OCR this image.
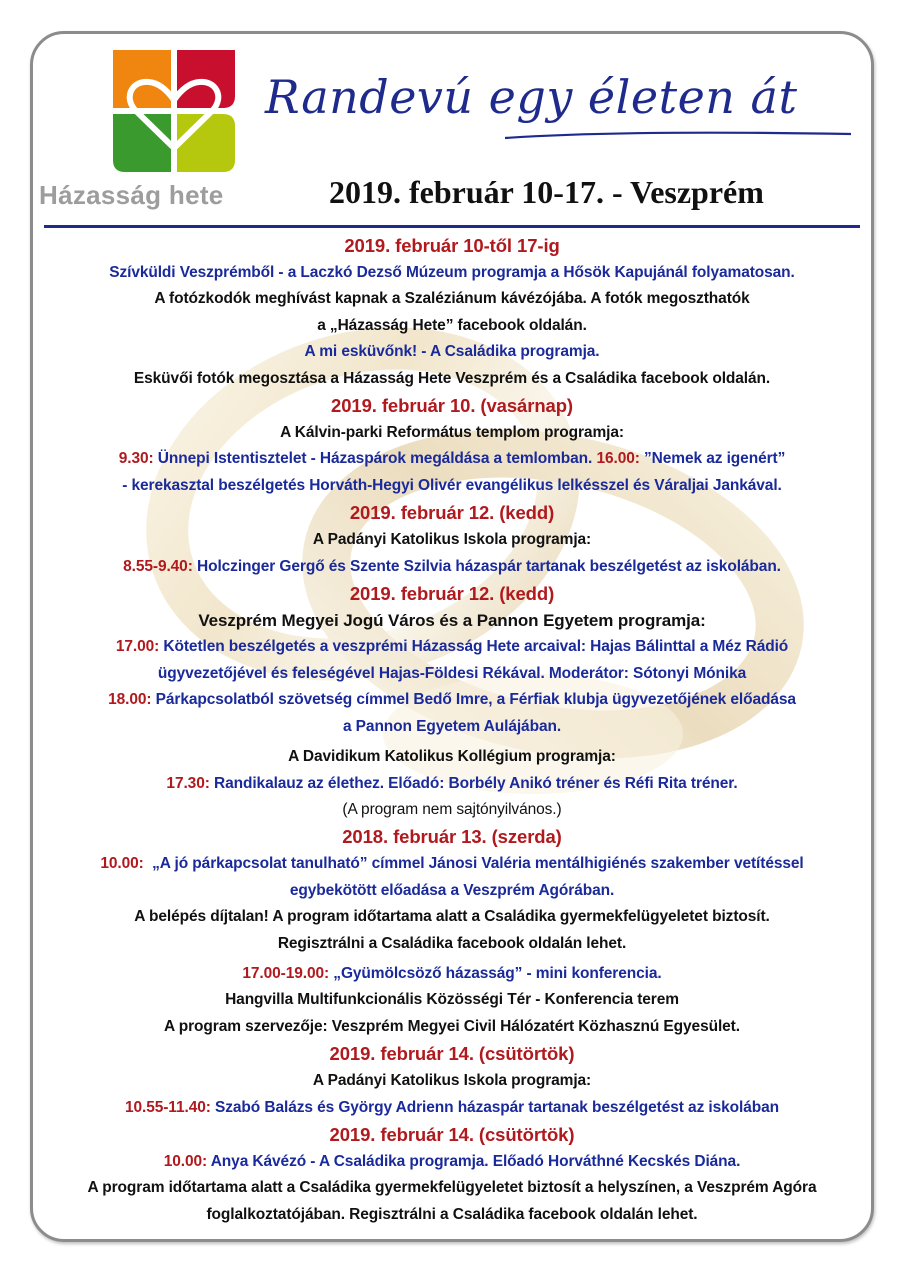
Házasság hete
Randevú egy életen át
2019. február 10-17. - Veszprém
2019. február 10-től 17-ig
Szívküldi Veszprémből - a Laczkó Dezső Múzeum programja a Hősök Kapujánál folyamatosan.
A fotózkodók meghívást kapnak a Szaléziánum kávézójába. A fotók megoszthatók
a „Házasság Hete” facebook oldalán.
A mi esküvőnk! - A Családika programja.
Esküvői fotók megosztása a Házasság Hete Veszprém és a Családika facebook oldalán.
2019. február 10. (vasárnap)
A Kálvin-parki Református templom programja:
9.30: Ünnepi Istentisztelet - Házaspárok megáldása a temlomban. 16.00: ”Nemek az igenért”
- kerekasztal beszélgetés Horváth-Hegyi Olivér evangélikus lelkésszel és Váraljai Jankával.
2019. február 12. (kedd)
A Padányi Katolikus Iskola programja:
8.55-9.40: Holczinger Gergő és Szente Szilvia házaspár tartanak beszélgetést az iskolában.
2019. február 12. (kedd)
Veszprém Megyei Jogú Város és a Pannon Egyetem programja:
17.00: Kötetlen beszélgetés a veszprémi Házasság Hete arcaival: Hajas Bálinttal a Méz Rádió
ügyvezetőjével és feleségével Hajas-Földesi Rékával. Moderátor: Sótonyi Mónika
18.00: Párkapcsolatból szövetség címmel Bedő Imre, a Férfiak klubja ügyvezetőjének előadása
a Pannon Egyetem Aulájában.
A Davidikum Katolikus Kollégium programja:
17.30: Randikalauz az élethez. Előadó: Borbély Anikó tréner és Réfi Rita tréner.
(A program nem sajtónyilvános.)
2018. február 13. (szerda)
10.00:  „A jó párkapcsolat tanulható” címmel Jánosi Valéria mentálhigiénés szakember vetítéssel
egybekötött előadása a Veszprém Agórában.
A belépés díjtalan! A program időtartama alatt a Családika gyermekfelügyeletet biztosít.
Regisztrálni a Családika facebook oldalán lehet.
17.00-19.00: „Gyümölcsöző házasság” - mini konferencia.
Hangvilla Multifunkcionális Közösségi Tér - Konferencia terem
A program szervezője: Veszprém Megyei Civil Hálózatért Közhasznú Egyesület.
2019. február 14. (csütörtök)
A Padányi Katolikus Iskola programja:
10.55-11.40: Szabó Balázs és György Adrienn házaspár tartanak beszélgetést az iskolában
2019. február 14. (csütörtök)
10.00: Anya Kávézó - A Családika programja. Előadó Horváthné Kecskés Diána.
A program időtartama alatt a Családika gyermekfelügyeletet biztosít a helyszínen, a Veszprém Agóra
foglalkoztatójában. Regisztrálni a Családika facebook oldalán lehet.
